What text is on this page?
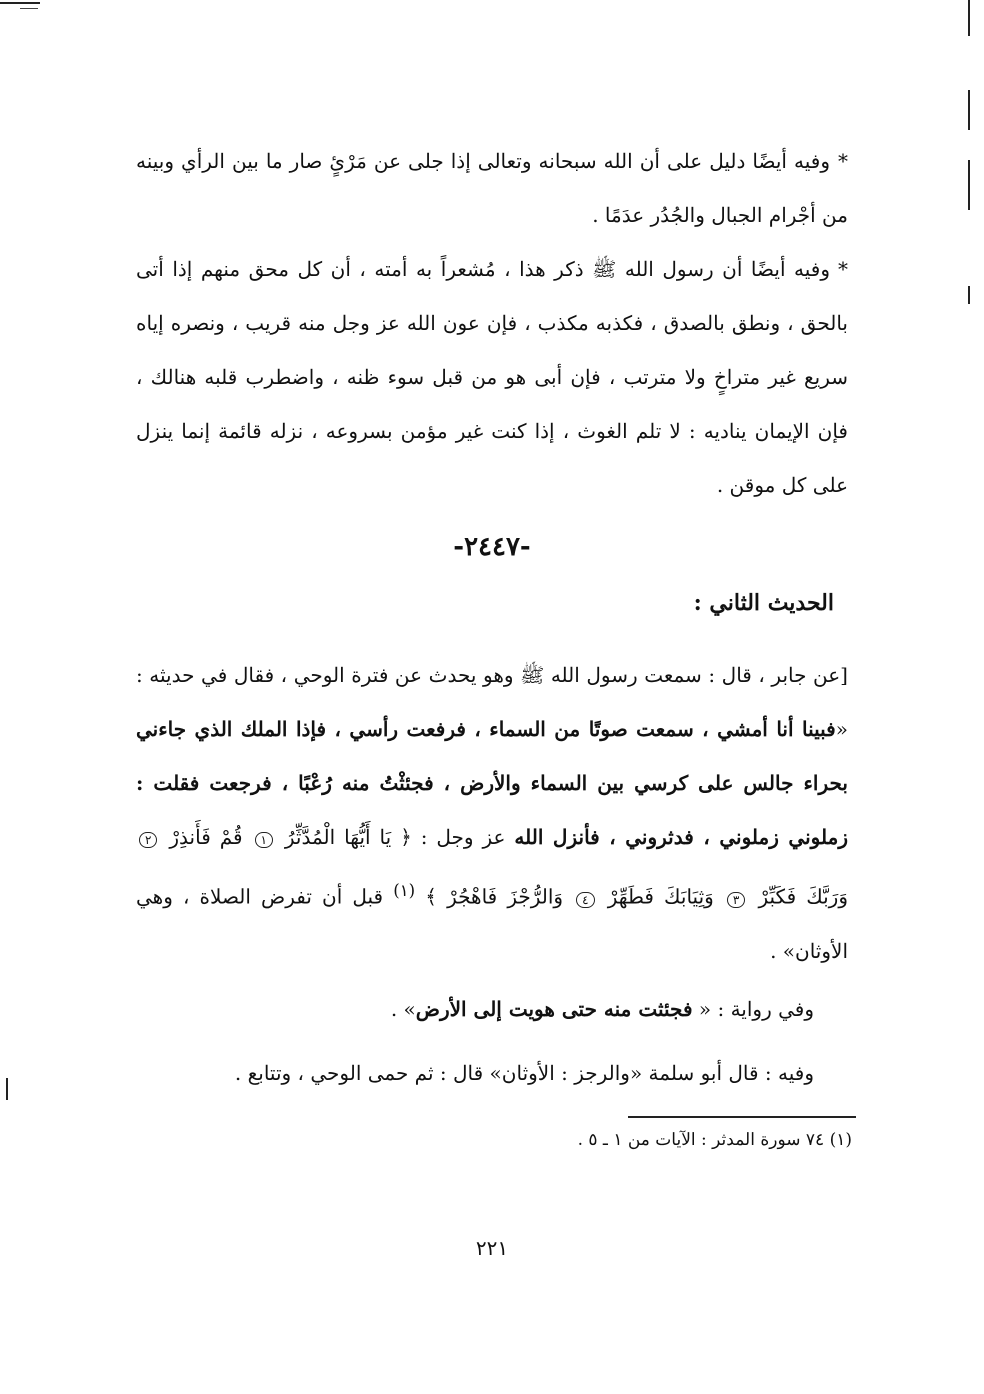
*وفيه أيضًا دليل على أن الله سبحانه وتعالى إذا جلى عن مَرْئٍ صار ما بين الرأي وبينه من أجْرام الجبال والجُدُر عدَمًا .

*وفيه أيضًا أن رسول الله ﷺ ذكر هذا ، مُشعراً به أمته ، أن كل محق منهم إذا أتى بالحق ، ونطق بالصدق ، فكذبه مكذب ، فإن عون الله عز وجل منه قريب ، ونصره إياه سريع غير متراخٍ ولا مترتب ، فإن أبى هو من قبل سوء ظنه ، واضطرب قلبه هنالك ، فإن الإيمان يناديه : لا تلم الغوث ، إذا كنت غير مؤمن بسروعه ، نزله قائمة إنما ينزل على كل موقن .

-٢٤٤٧-
الحديث الثاني :
[عن جابر ، قال : سمعت رسول الله ﷺ وهو يحدث عن فترة الوحي ، فقال في حديثه : «فبينا أنا أمشي ، سمعت صوتًا من السماء ، فرفعت رأسي ، فإذا الملك الذي جاءني بحراء جالس على كرسي بين السماء والأرض ، فجئثْتُ منه رُعْبًا ، فرجعت فقلت : زملوني زملوني ، فدثروني ، فأنزل الله عز وجل : ﴿ يَا أَيُّهَا الْمُدَّثِّرُ ١ قُمْ فَأَنذِرْ ٢ وَرَبَّكَ فَكَبِّرْ ٣ وَثِيَابَكَ فَطَهِّرْ ٤ وَالرُّجْزَ فَاهْجُرْ ﴾ $^{(١)}$ قبل أن تفرض الصلاة ، وهي الأوثان» .
وفي رواية : « فجئثت منه حتى هويت إلى الأرض» .
وفيه : قال أبو سلمة «والرجز : الأوثان» قال : ثم حمى الوحي ، وتتابع .
(١) ٧٤ سورة المدثر : الآيات من ١ ـ ٥ .
٢٢١
